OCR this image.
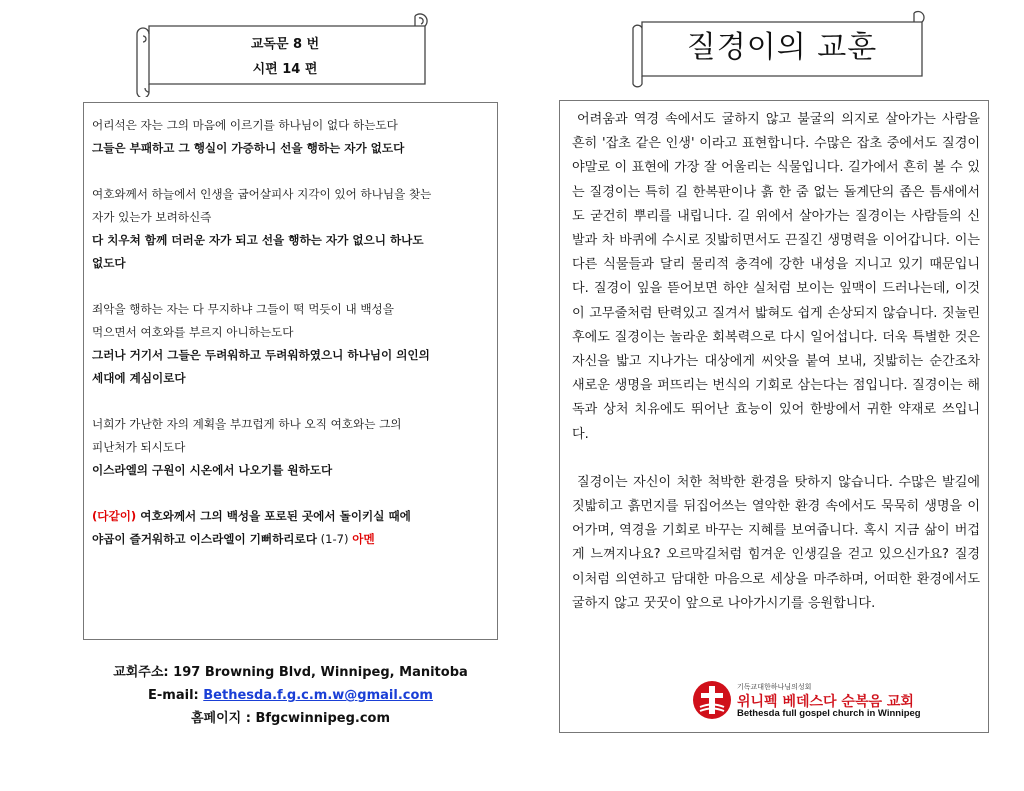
교독문 8 번
시편 14 편
질경이의 교훈

어리석은 자는 그의 마음에 이르기를 하나님이 없다 하는도다

그들은 부패하고 그 행실이 가증하니 선을 행하는 자가 없도다

여호와께서 하늘에서 인생을 굽어살피사 지각이 있어 하나님을 찾는

자가 있는가 보려하신즉

다 치우쳐 함께 더러운 자가 되고 선을 행하는 자가 없으니 하나도

없도다

죄악을 행하는 자는 다 무지하냐 그들이 떡 먹듯이 내 백성을

먹으면서 여호와를 부르지 아니하는도다

그러나 거기서 그들은 두려워하고 두려워하였으니 하나님이 의인의

세대에 계심이로다

너희가 가난한 자의 계획을 부끄럽게 하나 오직 여호와는 그의

피난처가 되시도다

이스라엘의 구원이 시온에서 나오기를 원하도다

(다같이) 여호와께서 그의 백성을 포로된 곳에서 돌이키실 때에

야곱이 즐거워하고 이스라엘이 기뻐하리로다 (1-7) 아멘

교회주소: 197 Browning Blvd, Winnipeg, Manitoba
E-mail: Bethesda.f.g.c.m.w@gmail.com
홈페이지 : Bfgcwinnipeg.com

어려움과 역경 속에서도 굴하지 않고 불굴의 의지로 살아가는 사람을 흔히 '잡초 같은 인생' 이라고 표현합니다. 수많은 잡초 중에서도 질경이야말로 이 표현에 가장 잘 어울리는 식물입니다. 길가에서 흔히 볼 수 있는 질경이는 특히 길 한복판이나 흙 한 줌 없는 돌계단의 좁은 틈새에서도 굳건히 뿌리를 내립니다. 길 위에서 살아가는 질경이는 사람들의 신발과 차 바퀴에 수시로 짓밟히면서도 끈질긴 생명력을 이어갑니다. 이는 다른 식물들과 달리 물리적 충격에 강한 내성을 지니고 있기 때문입니다. 질경이 잎을 뜯어보면 하얀 실처럼 보이는 잎맥이 드러나는데, 이것이 고무줄처럼 탄력있고 질겨서 밟혀도 쉽게 손상되지 않습니다. 짓눌린 후에도 질경이는 놀라운 회복력으로 다시 일어섭니다. 더욱 특별한 것은 자신을 밟고 지나가는 대상에게 씨앗을 붙여 보내, 짓밟히는 순간조차 새로운 생명을 퍼뜨리는 번식의 기회로 삼는다는 점입니다. 질경이는 해독과 상처 치유에도 뛰어난 효능이 있어 한방에서 귀한 약재로 쓰입니다.

질경이는 자신이 처한 척박한 환경을 탓하지 않습니다. 수많은 발길에 짓밟히고 흙먼지를 뒤집어쓰는 열악한 환경 속에서도 묵묵히 생명을 이어가며, 역경을 기회로 바꾸는 지혜를 보여줍니다. 혹시 지금 삶이 버겁게 느껴지나요? 오르막길처럼 힘겨운 인생길을 걷고 있으신가요? 질경이처럼 의연하고 담대한 마음으로 세상을 마주하며, 어떠한 환경에서도 굴하지 않고 꿋꿋이 앞으로 나아가시기를 응원합니다.

기독교대한하나님의성회
위니펙 베데스다 순복음 교회
Bethesda full gospel church in Winnipeg
